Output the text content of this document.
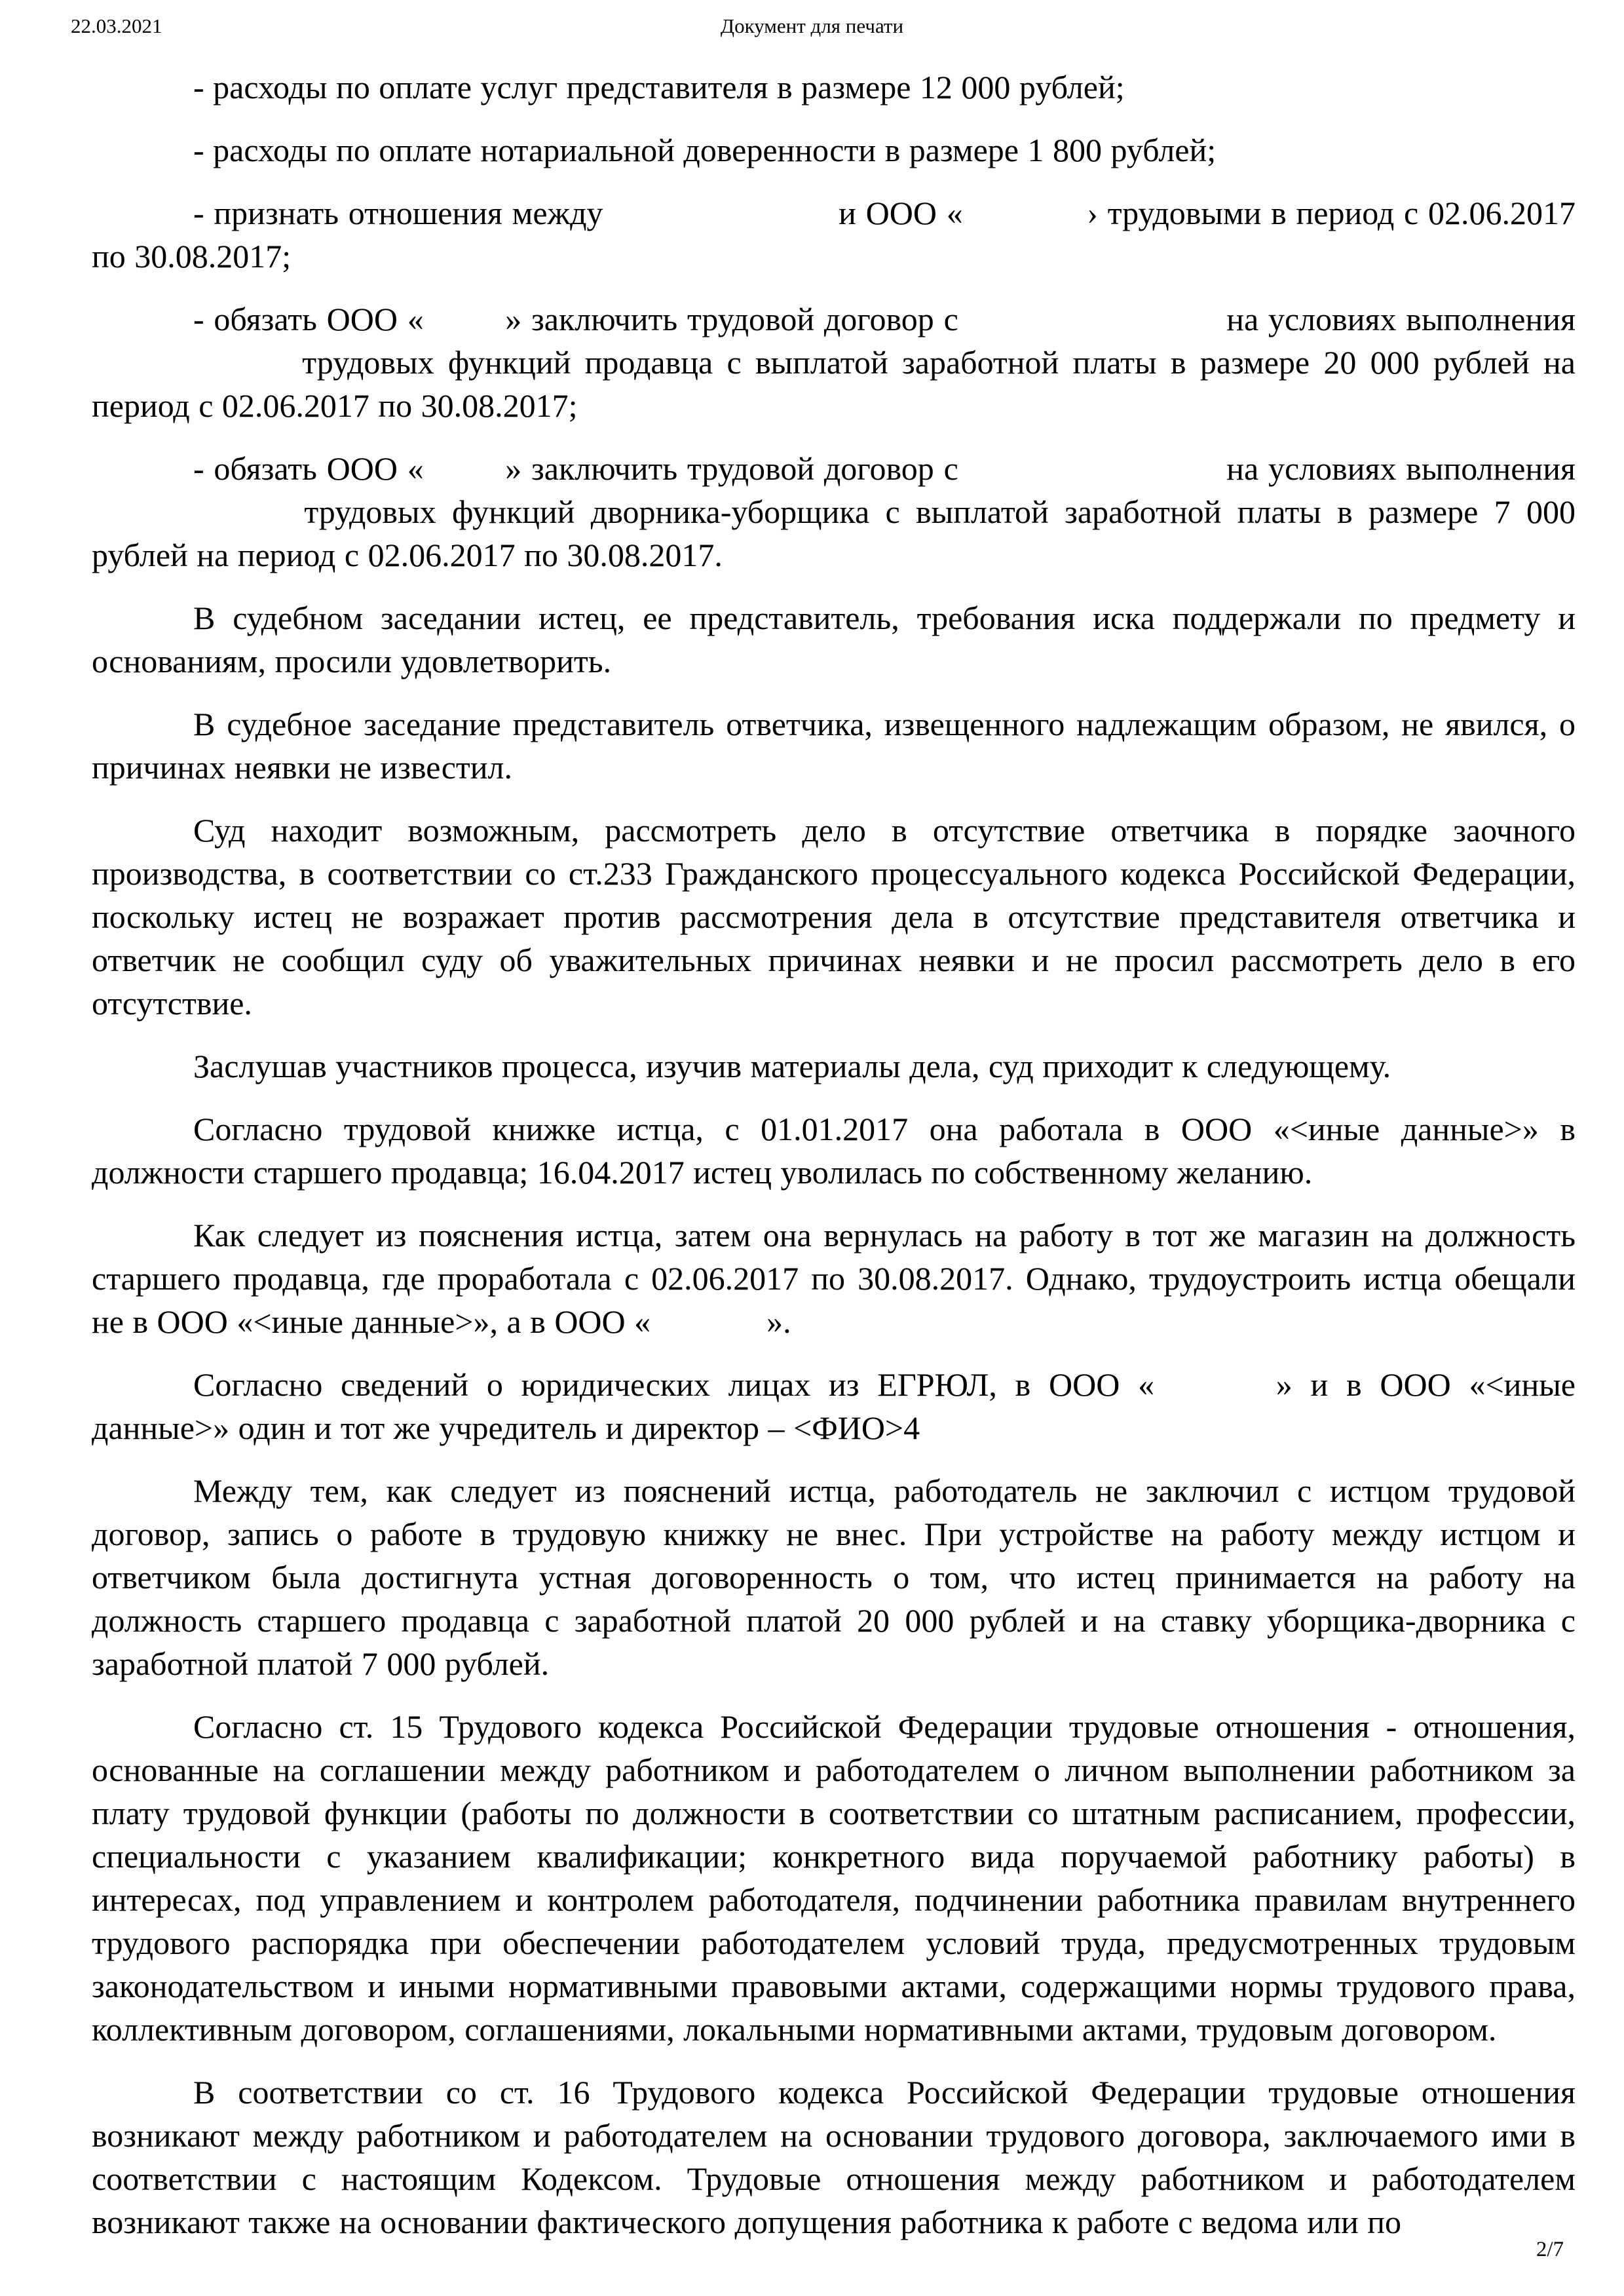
22.03.2021	Документ для печати

- расходы по оплате услуг представителя в размере 12 000 рублей;

- расходы по оплате нотариальной доверенности в размере 1 800 рублей;

- признать отношения между	и ООО «	› трудовыми в период с 02.06.2017 по 30.08.2017;

- обязать ООО «  » заключить трудовой договор с	на условиях выполнения  трудовых функций продавца с выплатой заработной платы в размере 20 000 рублей на период с 02.06.2017 по 30.08.2017;

- обязать ООО «  » заключить трудовой договор с	на условиях выполнения  трудовых функций дворника-уборщика с выплатой заработной платы в размере 7 000 рублей на период с 02.06.2017 по 30.08.2017.

В судебном заседании истец, ее представитель, требования иска поддержали по предмету и основаниям, просили удовлетворить.

В судебное заседание представитель ответчика, извещенного надлежащим образом, не явился, о причинах неявки не известил.

Суд находит возможным, рассмотреть дело в отсутствие ответчика в порядке заочного производства, в соответствии со ст.233 Гражданского процессуального кодекса Российской Федерации, поскольку истец не возражает против рассмотрения дела в отсутствие представителя ответчика и ответчик не сообщил суду об уважительных причинах неявки и не просил рассмотреть дело в его отсутствие.

Заслушав участников процесса, изучив материалы дела, суд приходит к следующему.

Согласно трудовой книжке истца, с 01.01.2017 она работала в ООО «<иные данные>» в должности старшего продавца; 16.04.2017 истец уволилась по собственному желанию.

Как следует из пояснения истца, затем она вернулась на работу в тот же магазин на должность старшего продавца, где проработала с 02.06.2017 по 30.08.2017. Однако, трудоустроить истца обещали не в ООО «<иные данные>», а в ООО «	».

Согласно сведений о юридических лицах из ЕГРЮЛ, в ООО «	» и в ООО «<иные данные>» один и тот же учредитель и директор – <ФИО>4

Между тем, как следует из пояснений истца, работодатель не заключил с истцом трудовой договор, запись о работе в трудовую книжку не внес. При устройстве на работу между истцом и ответчиком была достигнута устная договоренность о том, что истец принимается на работу на должность старшего продавца с заработной платой 20 000 рублей и на ставку уборщика-дворника с заработной платой 7 000 рублей.

Согласно ст. 15 Трудового кодекса Российской Федерации трудовые отношения - отношения, основанные на соглашении между работником и работодателем о личном выполнении работником за плату трудовой функции (работы по должности в соответствии со штатным расписанием, профессии, специальности с указанием квалификации; конкретного вида поручаемой работнику работы) в интересах, под управлением и контролем работодателя, подчинении работника правилам внутреннего трудового распорядка при обеспечении работодателем условий труда, предусмотренных трудовым законодательством и иными нормативными правовыми актами, содержащими нормы трудового права, коллективным договором, соглашениями, локальными нормативными актами, трудовым договором.

В соответствии со ст. 16 Трудового кодекса Российской Федерации трудовые отношения возникают между работником и работодателем на основании трудового договора, заключаемого ими в соответствии с настоящим Кодексом. Трудовые отношения между работником и работодателем возникают также на основании фактического допущения работника к работе с ведома или по

2/7
